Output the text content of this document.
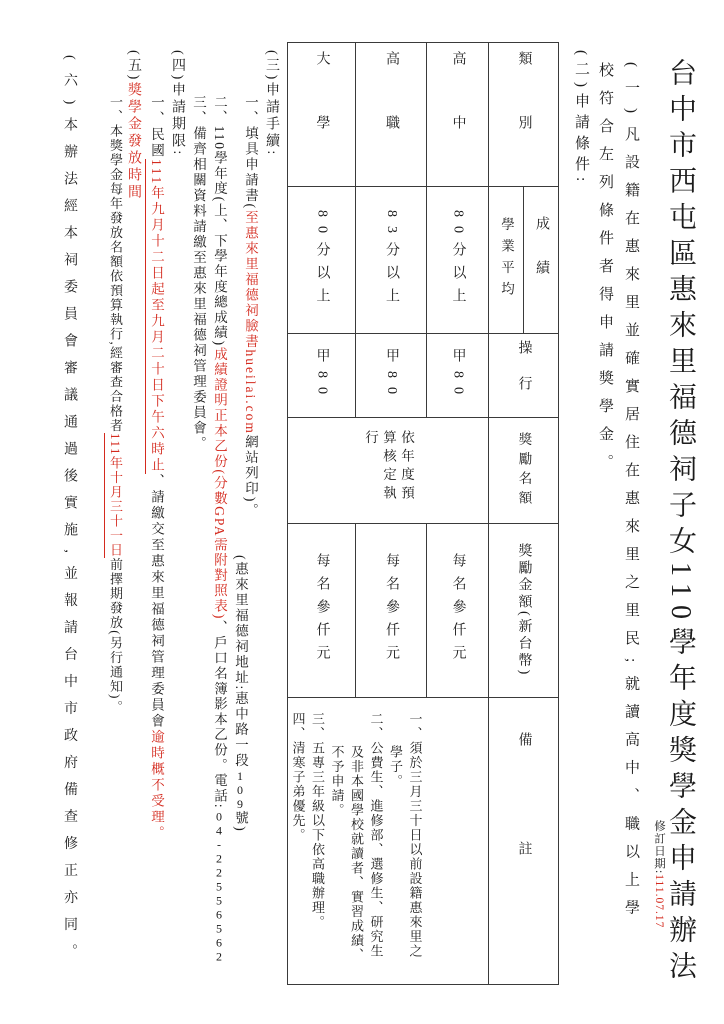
台中市西屯區惠來里福德祠子女110學年度獎學金申請辦法
修訂日期:111.07.17
(一)凡設籍在惠來里並確實居住在惠來里之里民;就讀高中、職以上學
校符合左列條件者得申請獎學金。
(二)申請條件:
類別
高中
高職
大學
成績
學業平均
80分以上
83分以上
80分以上
操行
甲80
甲80
甲80
獎勵名額
依年度預
算核定執
行
獎勵金額(新台幣)
每名參仟元
每名參仟元
每名參仟元
備註
一、須於三月三十日以前設籍惠來里之
學子。
二、公費生、進修部、選修生、研究生
及非本國學校就讀者、實習成績、
不予申請。
三、五專三年級以下依高職辦理。
四、清寒子弟優先。
(三)申請手續:
一、填具申請書(至惠來里福德祠臉書hueilai.com網站列印)。
(惠來里福德祠地址:惠中路一段109號)
二、110學年度(上、下學年度總成績)成績證明正本乙份(分數GPA需附對照表)、戶口名簿影本乙份。電話:04-22556562
三、備齊相關資料請繳至惠來里福德祠管理委員會。
(四)申請期限:
一、民國111年九月十二日起至九月二十日下午六時止、請繳交至惠來里福德祠管理委員會逾時概不受理。
(五)獎學金發放時間
一、本獎學金每年發放名額依預算執行,經審查合格者111年十月三十一日前擇期發放(另行通知)。
(六)本辦法經本祠委員會審議通過後實施,並報請台中市政府備查修正亦同。
